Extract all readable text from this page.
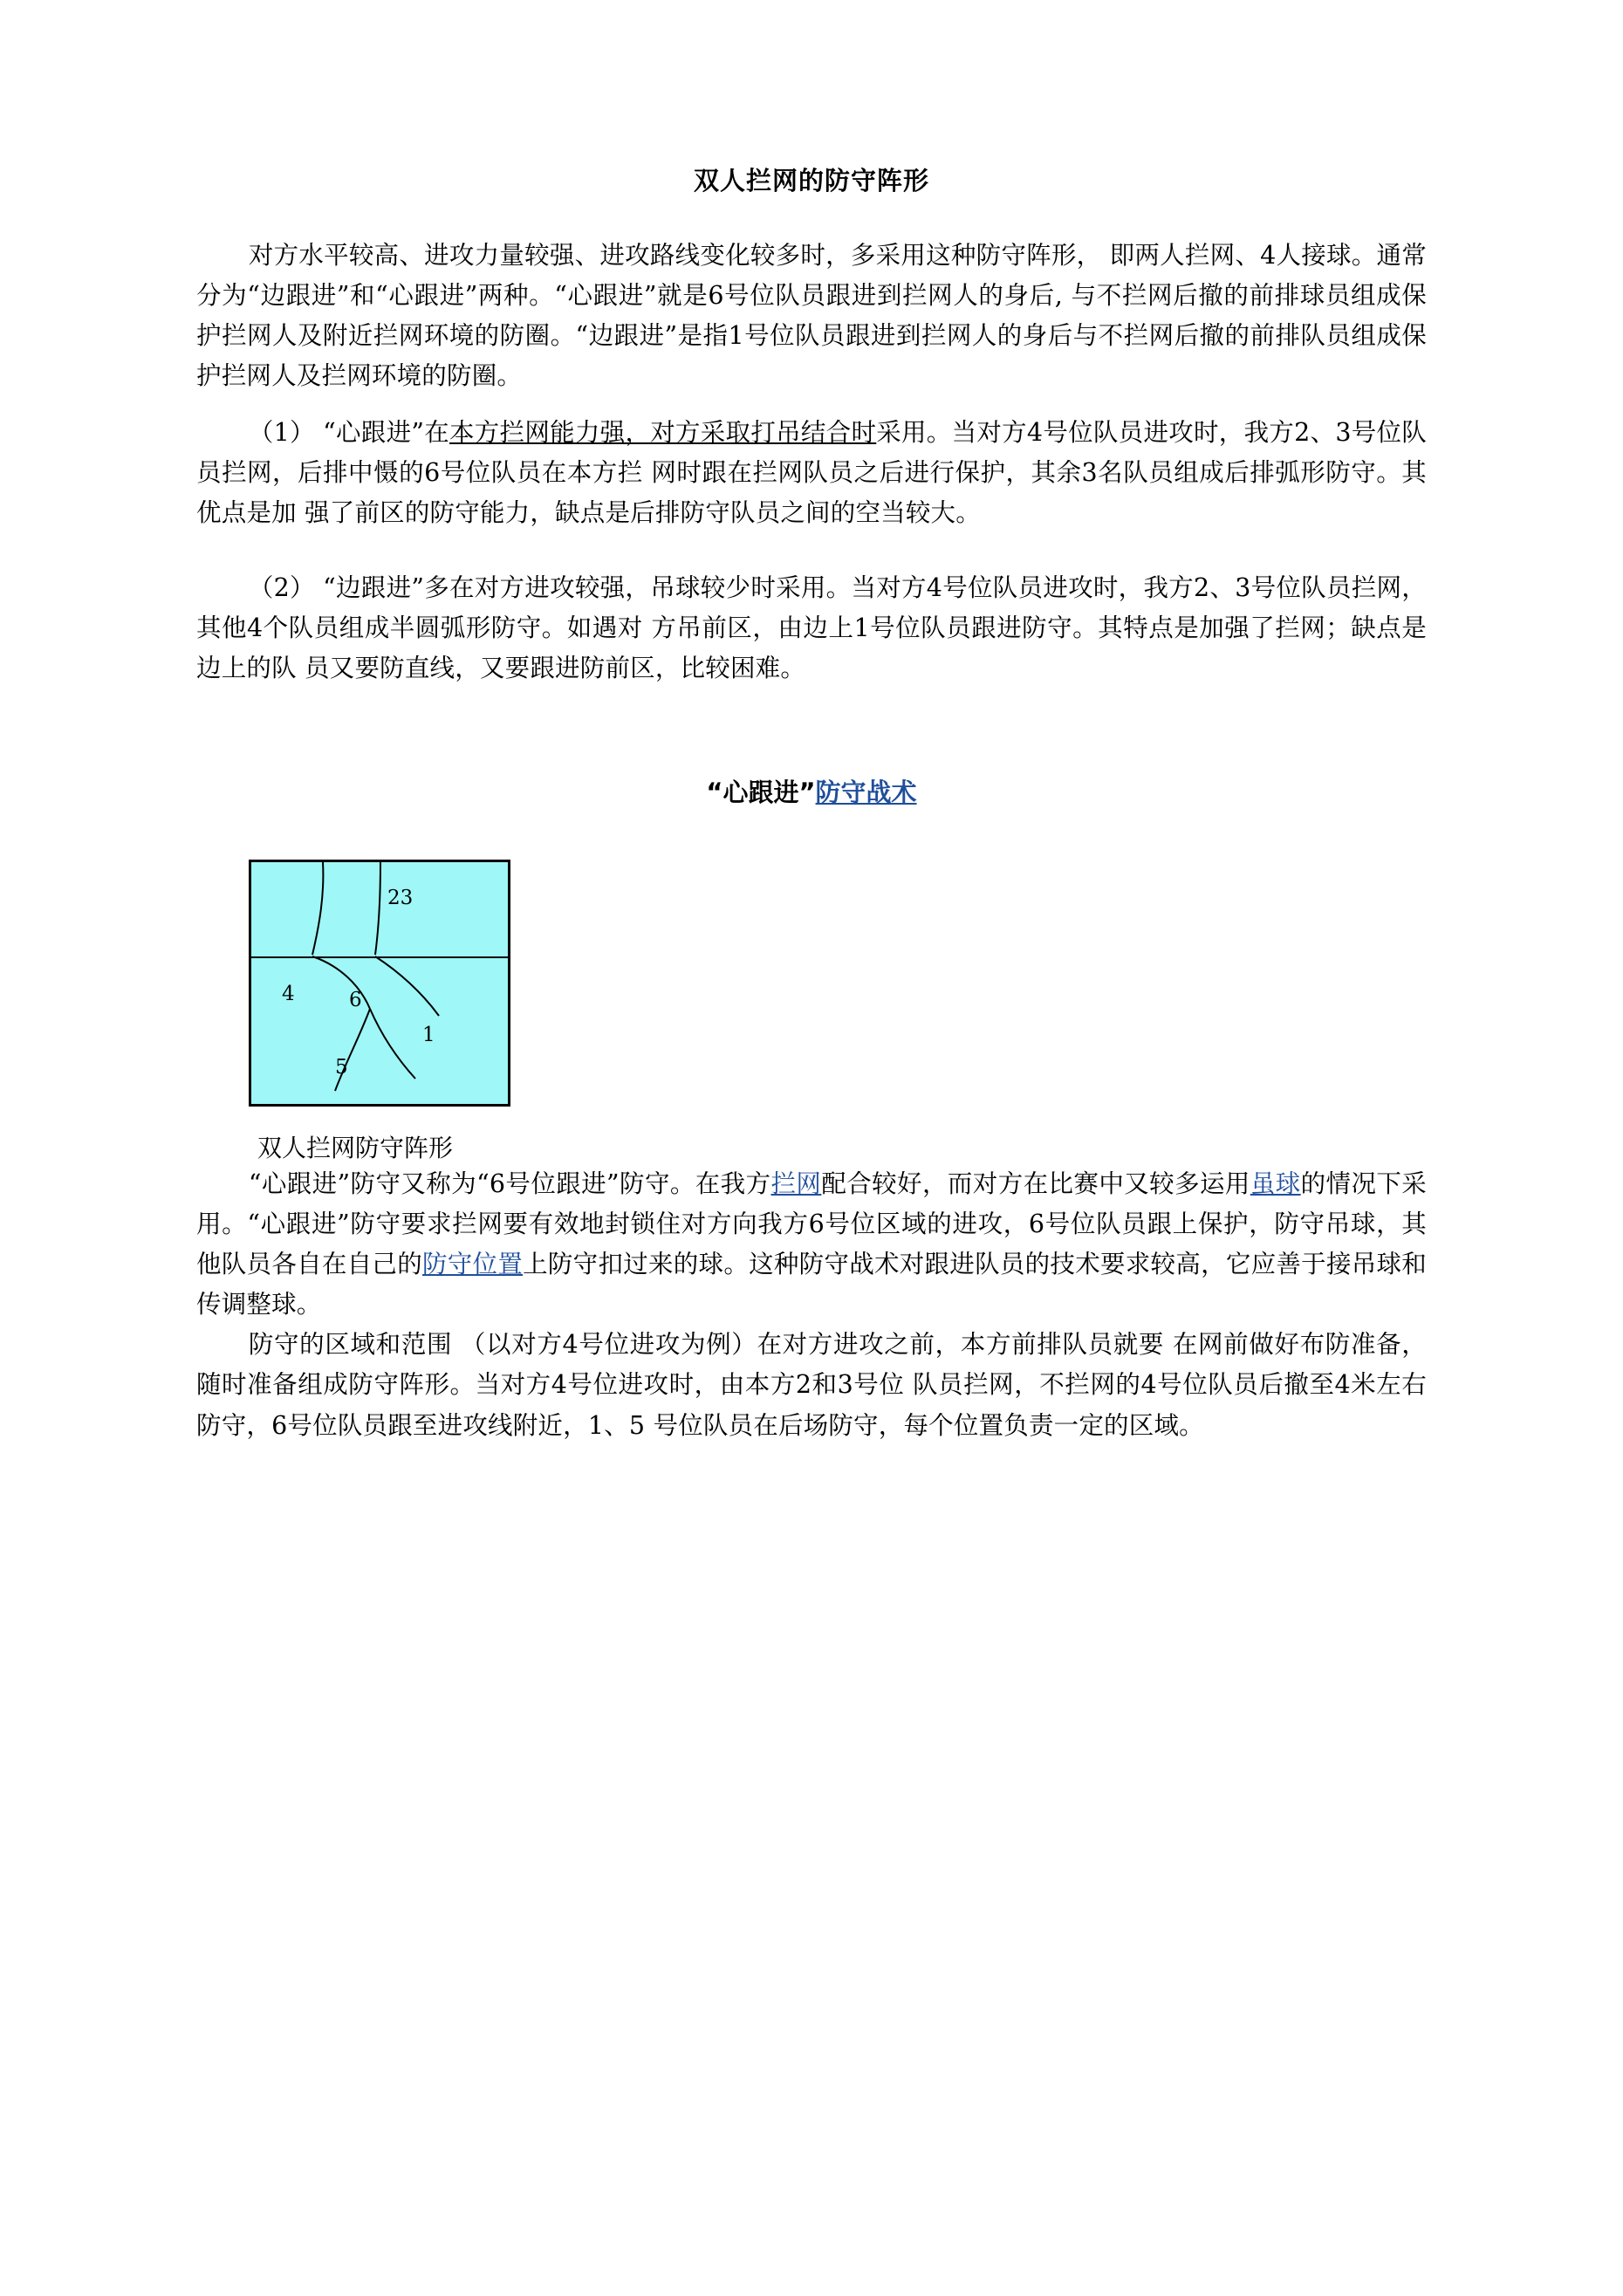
双人拦网的防守阵形

对方水平较高、进攻力量较强、进攻路线变化较多时，多采用这种防守阵形， 即两人拦网、4人接球。通常分为“边跟进”和“心跟进”两种。“心跟进”就是6号位队员跟进到拦网人的身后, 与不拦网后撤的前排球员组成保护拦网人及附近拦网环境的防圈。“边跟进”是指1号位队员跟进到拦网人的身后与不拦网后撤的前排队员组成保护拦网人及拦网环境的防圈。

（1） “心跟进”在本方拦网能力强，对方采取打吊结合时采用。当对方4号位队员进攻时，我方2、3号位队员拦网，后排中慑的6号位队员在本方拦 网时跟在拦网队员之后进行保护，其余3名队员组成后排弧形防守。其优点是加 强了前区的防守能力，缺点是后排防守队员之间的空当较大。

（2） “边跟进”多在对方进攻较强，吊球较少时采用。当对方4号位队员进攻时，我方2、3号位队员拦网，其他4个队员组成半圆弧形防守。如遇对 方吊前区，由边上1号位队员跟进防守。其特点是加强了拦网；缺点是边上的队 员又要防直线，又要跟进防前区，比较困难。

“心跟进”防守战术
23
4	6
1
5
双人拦网防守阵形

“心跟进”防守又称为“6号位跟进”防守。在我方拦网配合较好，而对方在比赛中又较多运用虽球的情况下采用。“心跟进”防守要求拦网要有效地封锁住对方向我方6号位区域的进攻，6号位队员跟上保护，防守吊球，其他队员各自在自己的防守位置上防守扣过来的球。这种防守战术对跟进队员的技术要求较高，它应善于接吊球和传调整球。

防守的区域和范围 （以对方4号位进攻为例）在对方进攻之前，本方前排队员就要 在网前做好布防准备，随时准备组成防守阵形。当对方4号位进攻时，由本方2和3号位 队员拦网，不拦网的4号位队员后撤至4米左右防守，6号位队员跟至进攻线附近，1、5 号位队员在后场防守，每个位置负责一定的区域。
